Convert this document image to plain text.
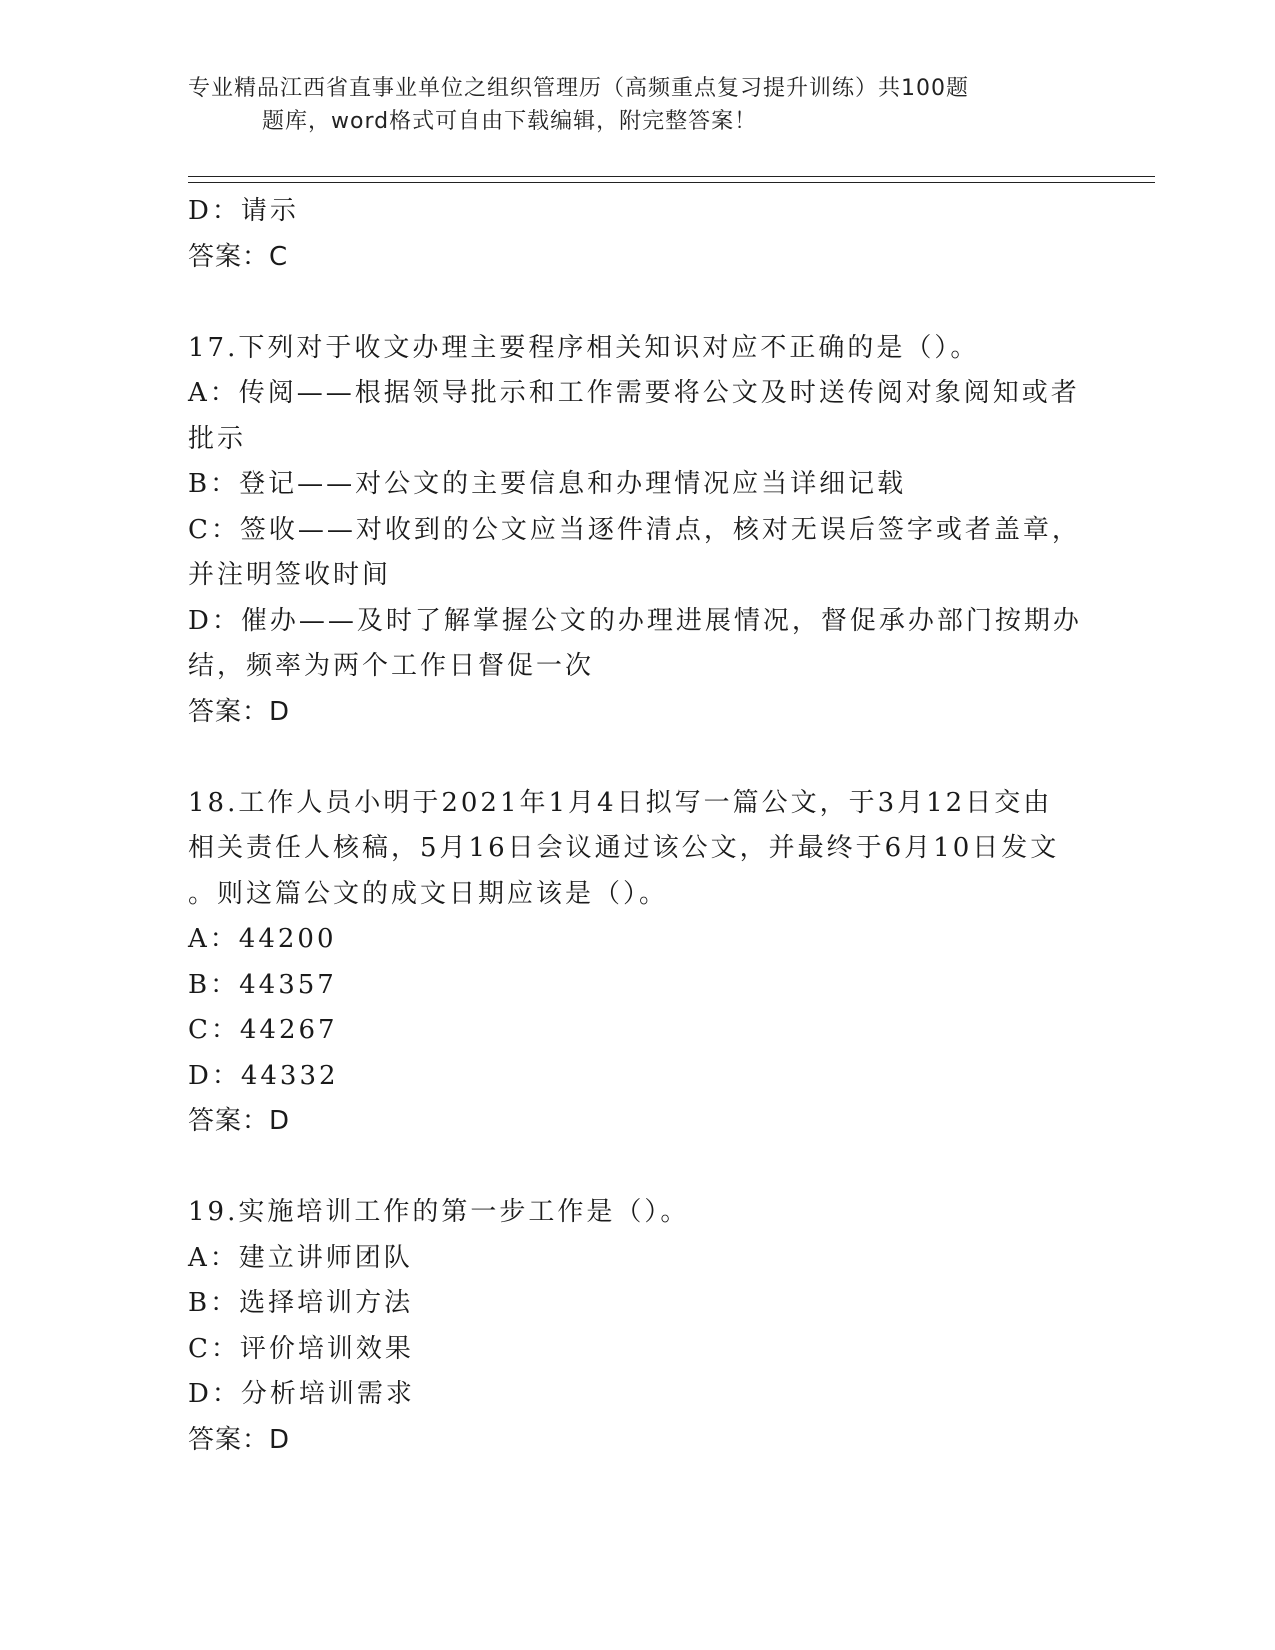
专业精品江西省直事业单位之组织管理历（高频重点复习提升训练）共100题
题库，word格式可自由下载编辑，附完整答案！
D：请示
答案：C
17.下列对于收文办理主要程序相关知识对应不正确的是（）。
A：传阅——根据领导批示和工作需要将公文及时送传阅对象阅知或者
批示
B：登记——对公文的主要信息和办理情况应当详细记载
C：签收——对收到的公文应当逐件清点，核对无误后签字或者盖章，
并注明签收时间
D：催办——及时了解掌握公文的办理进展情况，督促承办部门按期办
结，频率为两个工作日督促一次
答案：D
18.工作人员小明于2021年1月4日拟写一篇公文，于3月12日交由
相关责任人核稿，5月16日会议通过该公文，并最终于6月10日发文
。则这篇公文的成文日期应该是（）。
A：44200
B：44357
C：44267
D：44332
答案：D
19.实施培训工作的第一步工作是（）。
A：建立讲师团队
B：选择培训方法
C：评价培训效果
D：分析培训需求
答案：D
